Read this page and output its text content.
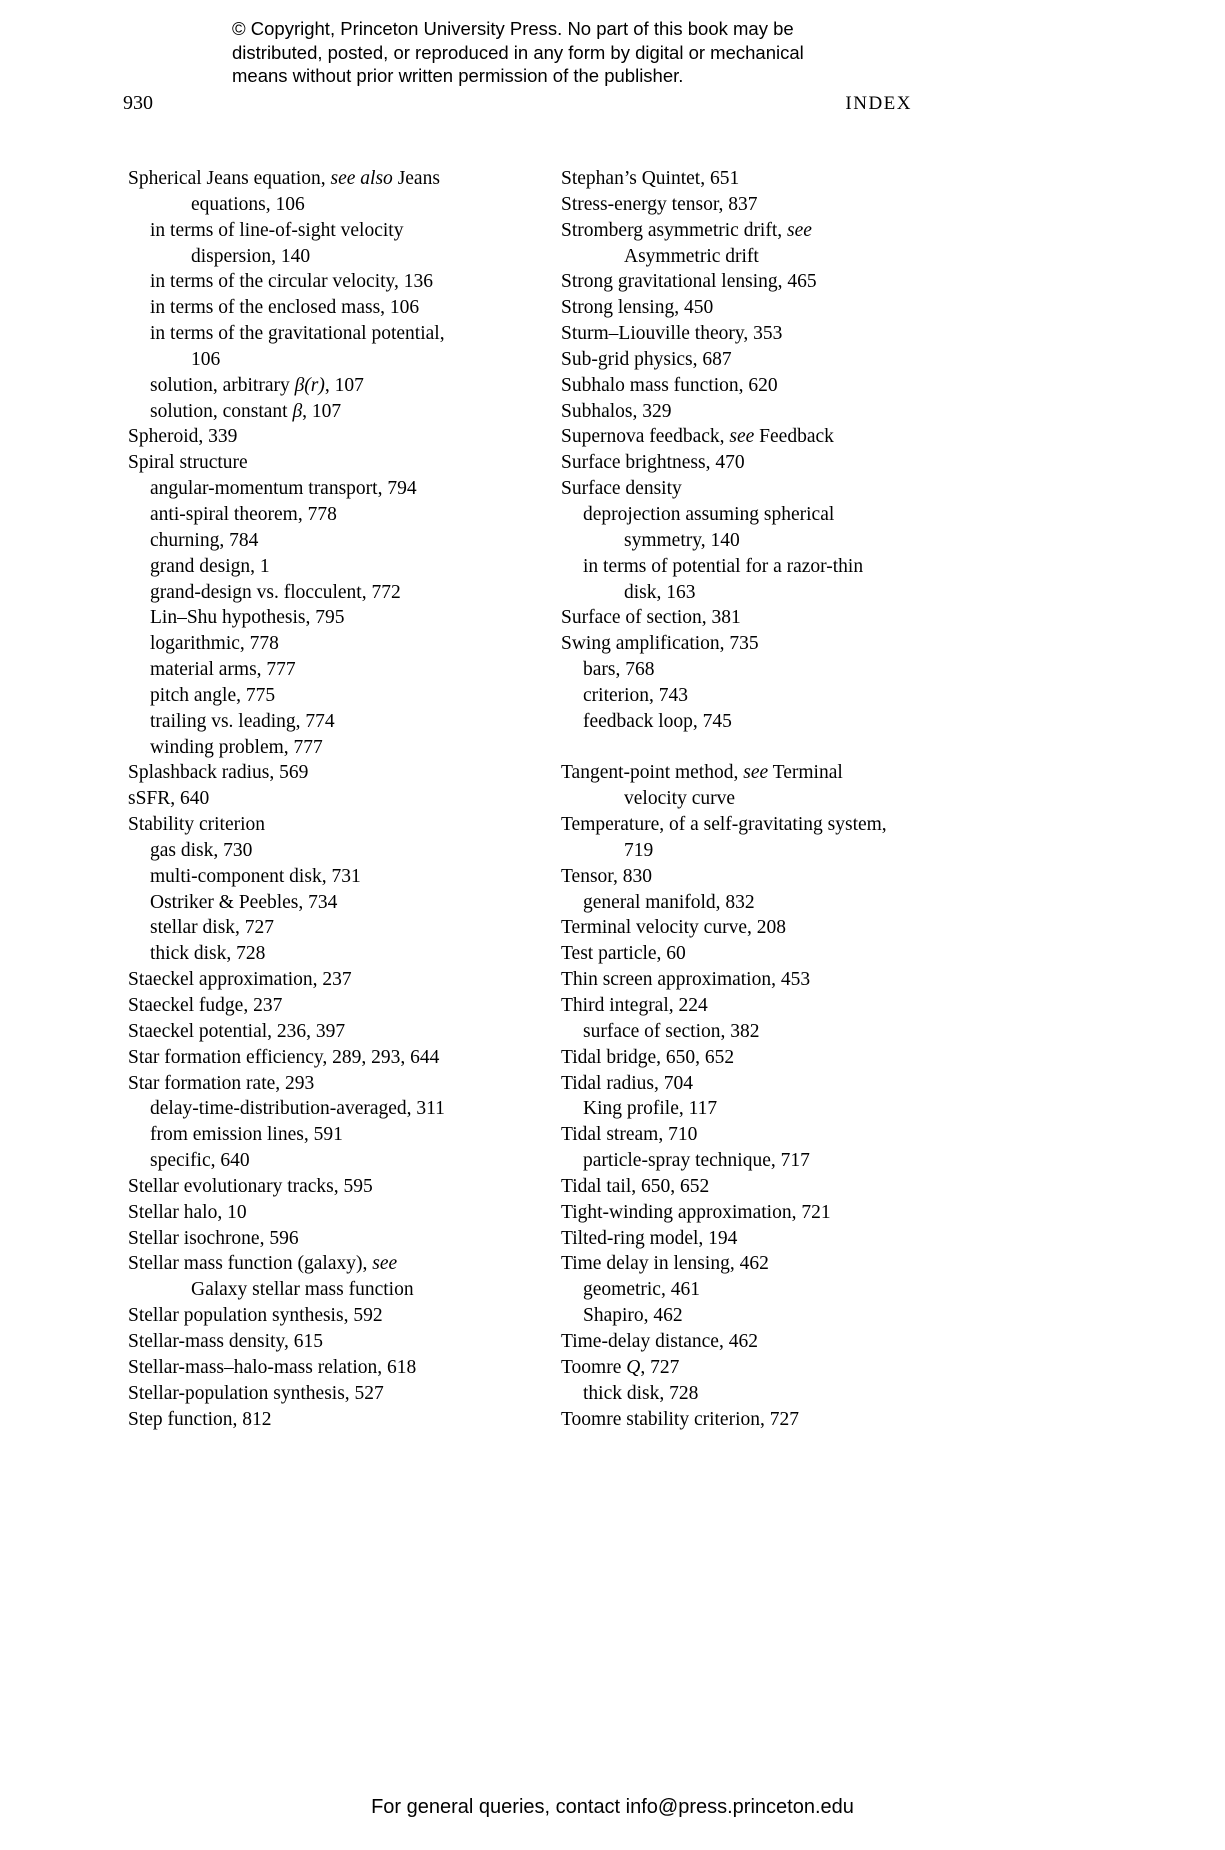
© Copyright, Princeton University Press. No part of this book may be
distributed, posted, or reproduced in any form by digital or mechanical
means without prior written permission of the publisher.
930	INDEX
Spherical Jeans equation, see also Jeans
equations, 106
in terms of line-of-sight velocity
dispersion, 140
in terms of the circular velocity, 136
in terms of the enclosed mass, 106
in terms of the gravitational potential,
106
solution, arbitrary β(r), 107
solution, constant β, 107
Spheroid, 339
Spiral structure
angular-momentum transport, 794
anti-spiral theorem, 778
churning, 784
grand design, 1
grand-design vs. flocculent, 772
Lin–Shu hypothesis, 795
logarithmic, 778
material arms, 777
pitch angle, 775
trailing vs. leading, 774
winding problem, 777
Splashback radius, 569
sSFR, 640
Stability criterion
gas disk, 730
multi-component disk, 731
Ostriker & Peebles, 734
stellar disk, 727
thick disk, 728
Staeckel approximation, 237
Staeckel fudge, 237
Staeckel potential, 236, 397
Star formation efficiency, 289, 293, 644
Star formation rate, 293
delay-time-distribution-averaged, 311
from emission lines, 591
specific, 640
Stellar evolutionary tracks, 595
Stellar halo, 10
Stellar isochrone, 596
Stellar mass function (galaxy), see
Galaxy stellar mass function
Stellar population synthesis, 592
Stellar-mass density, 615
Stellar-mass–halo-mass relation, 618
Stellar-population synthesis, 527
Step function, 812
Stephan’s Quintet, 651
Stress-energy tensor, 837
Stromberg asymmetric drift, see
Asymmetric drift
Strong gravitational lensing, 465
Strong lensing, 450
Sturm–Liouville theory, 353
Sub-grid physics, 687
Subhalo mass function, 620
Subhalos, 329
Supernova feedback, see Feedback
Surface brightness, 470
Surface density
deprojection assuming spherical
symmetry, 140
in terms of potential for a razor-thin
disk, 163
Surface of section, 381
Swing amplification, 735
bars, 768
criterion, 743
feedback loop, 745

Tangent-point method, see Terminal
velocity curve
Temperature, of a self-gravitating system,
719
Tensor, 830
general manifold, 832
Terminal velocity curve, 208
Test particle, 60
Thin screen approximation, 453
Third integral, 224
surface of section, 382
Tidal bridge, 650, 652
Tidal radius, 704
King profile, 117
Tidal stream, 710
particle-spray technique, 717
Tidal tail, 650, 652
Tight-winding approximation, 721
Tilted-ring model, 194
Time delay in lensing, 462
geometric, 461
Shapiro, 462
Time-delay distance, 462
Toomre Q, 727
thick disk, 728
Toomre stability criterion, 727
For general queries, contact info@press.princeton.edu
